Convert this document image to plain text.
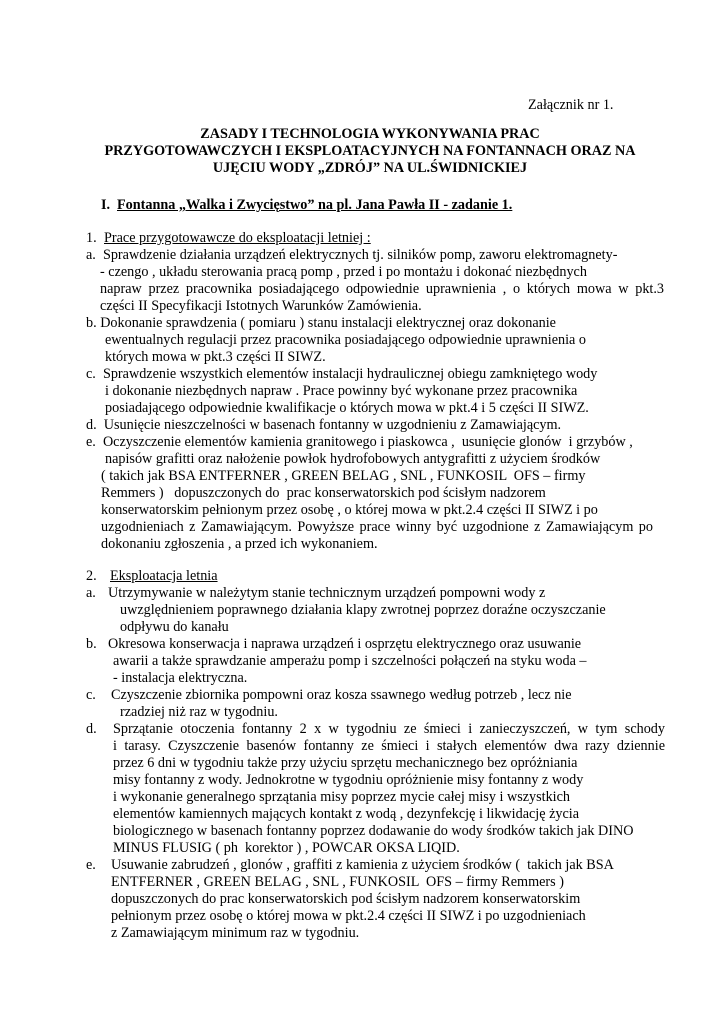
Załącznik nr 1.
ZASADY I TECHNOLOGIA WYKONYWANIA PRAC
PRZYGOTOWAWCZYCH I EKSPLOATACYJNYCH NA FONTANNACH ORAZ NA
UJĘCIU WODY „ZDRÓJ” NA UL.ŚWIDNICKIEJ
I. Fontanna „Walka i Zwycięstwo” na pl. Jana Pawła II - zadanie 1.
1. Prace przygotowawcze do eksploatacji letniej :
a.  Sprawdzenie działania urządzeń elektrycznych tj. silników pomp, zaworu elektromagnety-
- czengo , układu sterowania pracą pomp , przed i po montażu i dokonać niezbędnych
napraw przez pracownika posiadającego odpowiednie uprawnienia , o których mowa w pkt.3
części II Specyfikacji Istotnych Warunków Zamówienia.
b. Dokonanie sprawdzenia ( pomiaru ) stanu instalacji elektrycznej oraz dokonanie
ewentualnych regulacji przez pracownika posiadającego odpowiednie uprawnienia o
których mowa w pkt.3 części II SIWZ.
c.  Sprawdzenie wszystkich elementów instalacji hydraulicznej obiegu zamkniętego wody
i dokonanie niezbędnych napraw . Prace powinny być wykonane przez pracownika
posiadającego odpowiednie kwalifikacje o których mowa w pkt.4 i 5 części II SIWZ.
d.  Usunięcie nieszczelności w basenach fontanny w uzgodnieniu z Zamawiającym.
e.  Oczyszczenie elementów kamienia granitowego i piaskowca ,  usunięcie glonów  i grzybów ,
napisów grafitti oraz nałożenie powłok hydrofobowych antygrafitti z użyciem środków
( takich jak BSA ENTFERNER , GREEN BELAG , SNL , FUNKOSIL  OFS – firmy
Remmers )   dopuszczonych do  prac konserwatorskich pod ścisłym nadzorem
konserwatorskim pełnionym przez osobę , o której mowa w pkt.2.4 części II SIWZ i po
uzgodnieniach z Zamawiającym. Powyższe prace winny być uzgodnione z Zamawiającym po
dokonaniu zgłoszenia , a przed ich wykonaniem.
2. Eksploatacja letnia
a. Utrzymywanie w należytym stanie technicznym urządzeń pompowni wody z
uwzględnieniem poprawnego działania klapy zwrotnej poprzez doraźne oczyszczanie
odpływu do kanału
b. Okresowa konserwacja i naprawa urządzeń i osprzętu elektrycznego oraz usuwanie
awarii a także sprawdzanie amperażu pomp i szczelności połączeń na styku woda –
- instalacja elektryczna.
c. Czyszczenie zbiornika pompowni oraz kosza ssawnego według potrzeb , lecz nie
rzadziej niż raz w tygodniu.
d. Sprzątanie otoczenia fontanny 2 x w tygodniu ze śmieci i zanieczyszczeń, w tym schody
i tarasy. Czyszczenie basenów fontanny ze śmieci i stałych elementów dwa razy dziennie
przez 6 dni w tygodniu także przy użyciu sprzętu mechanicznego bez opróżniania
misy fontanny z wody. Jednokrotne w tygodniu opróżnienie misy fontanny z wody
i wykonanie generalnego sprzątania misy poprzez mycie całej misy i wszystkich
elementów kamiennych mających kontakt z wodą , dezynfekcję i likwidację życia
biologicznego w basenach fontanny poprzez dodawanie do wody środków takich jak DINO
MINUS FLUSIG ( ph  korektor ) , POWCAR OKSA LIQID.
e. Usuwanie zabrudzeń , glonów , graffiti z kamienia z użyciem środków (  takich jak BSA
ENTFERNER , GREEN BELAG , SNL , FUNKOSIL  OFS – firmy Remmers )
dopuszczonych do prac konserwatorskich pod ścisłym nadzorem konserwatorskim
pełnionym przez osobę o której mowa w pkt.2.4 części II SIWZ i po uzgodnieniach
z Zamawiającym minimum raz w tygodniu.
